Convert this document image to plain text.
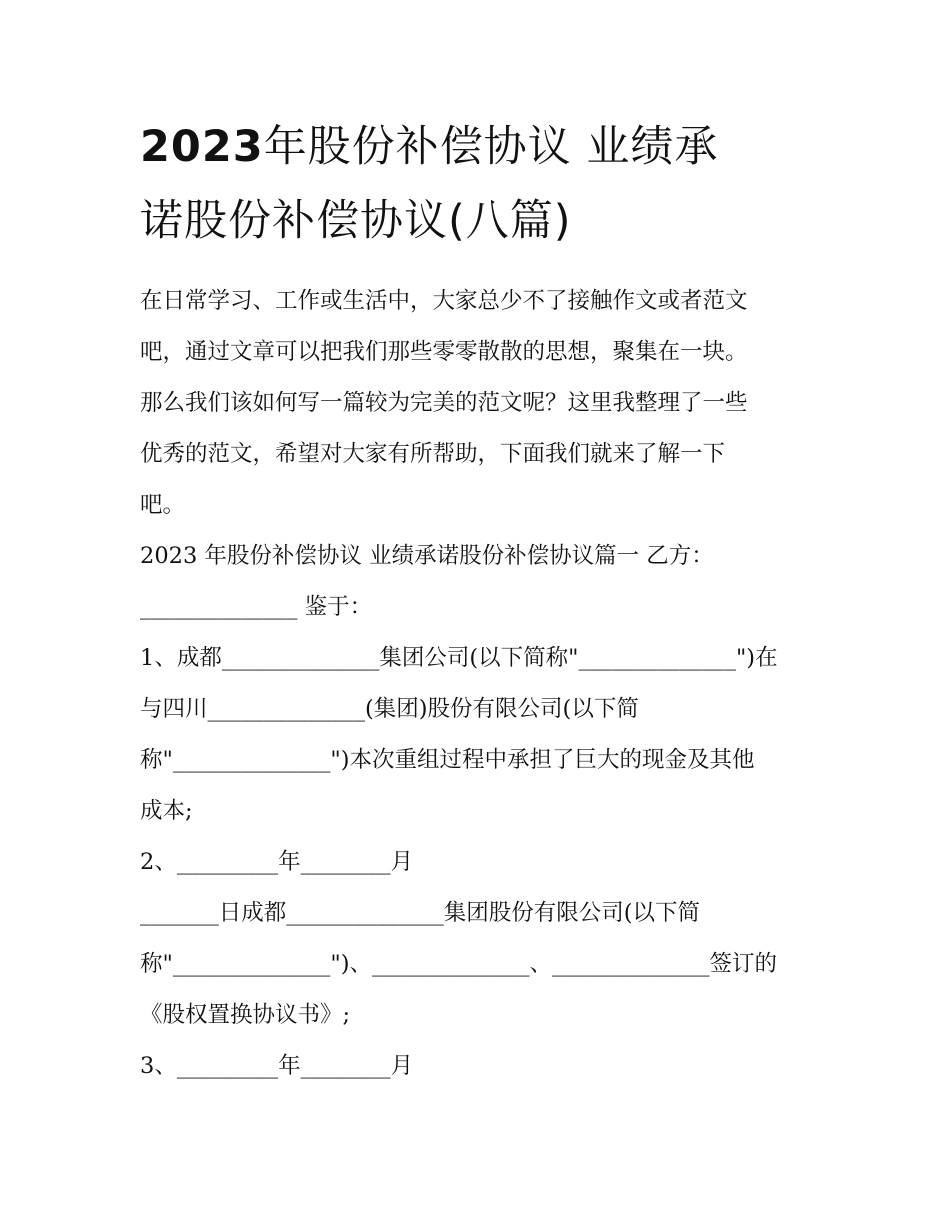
2023年股份补偿协议 业绩承
诺股份补偿协议(八篇)

在日常学习、工作或生活中，大家总少不了接触作文或者范文

吧，通过文章可以把我们那些零零散散的思想，聚集在一块。

那么我们该如何写一篇较为完美的范文呢？这里我整理了一些

优秀的范文，希望对大家有所帮助，下面我们就来了解一下

吧。

2023 年股份补偿协议 业绩承诺股份补偿协议篇一 乙方：

______________ 鉴于：

1、成都______________集团公司(以下简称"______________")在

与四川______________(集团)股份有限公司(以下简

称"______________")本次重组过程中承担了巨大的现金及其他

成本;

2、_________年________月

_______日成都______________集团股份有限公司(以下简

称"______________")、______________、______________签订的

《股权置换协议书》;

3、_________年________月
